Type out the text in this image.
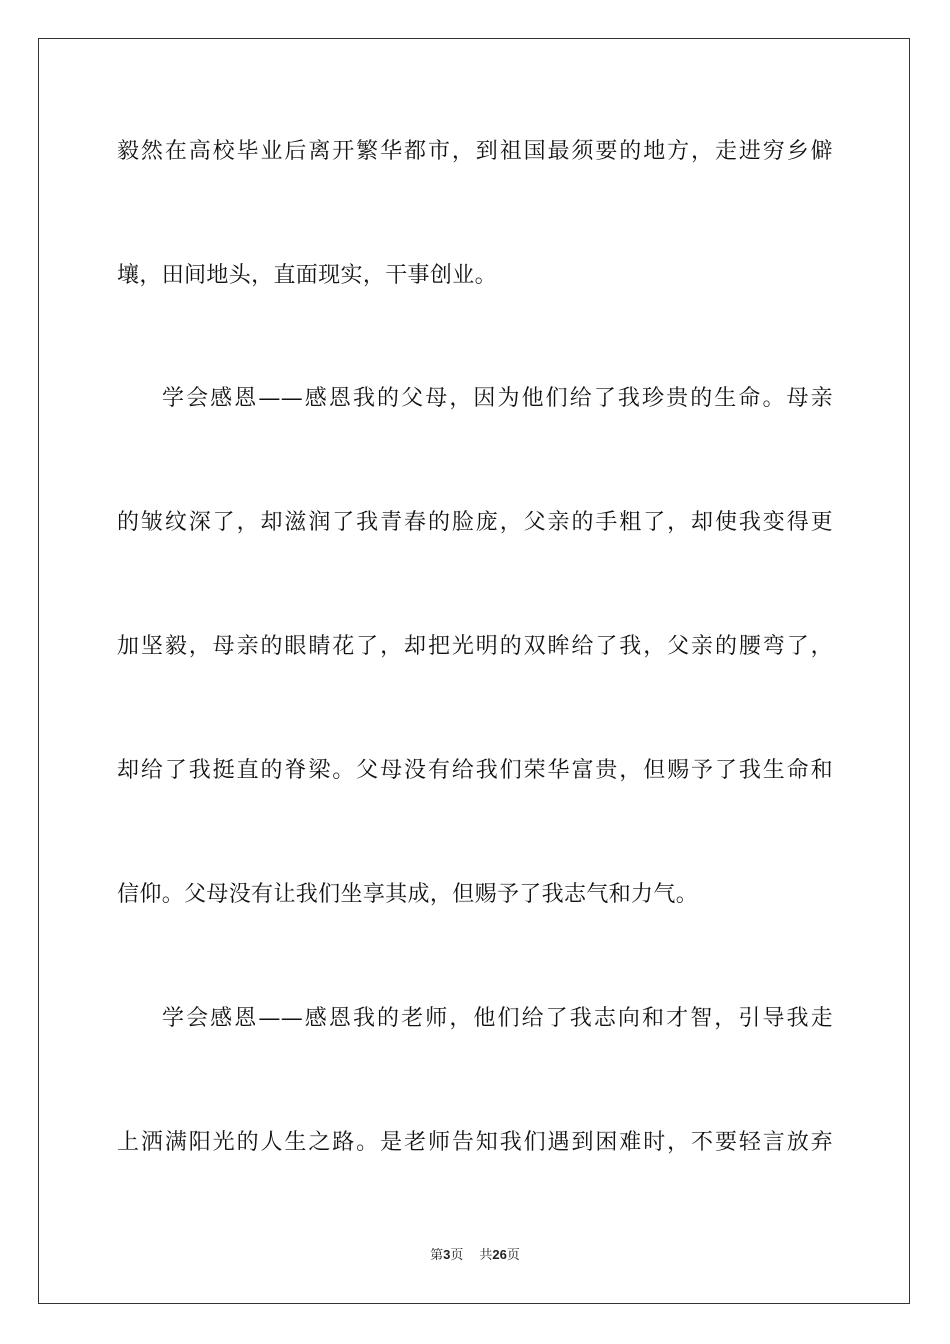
毅然在高校毕业后离开繁华都市，到祖国最须要的地方，走进穷乡僻
壤，田间地头，直面现实，干事创业。
学会感恩——感恩我的父母，因为他们给了我珍贵的生命。母亲
的皱纹深了，却滋润了我青春的脸庞，父亲的手粗了，却使我变得更
加坚毅，母亲的眼睛花了，却把光明的双眸给了我，父亲的腰弯了，
却给了我挺直的脊梁。父母没有给我们荣华富贵，但赐予了我生命和
信仰。父母没有让我们坐享其成，但赐予了我志气和力气。
学会感恩——感恩我的老师，他们给了我志向和才智，引导我走
上洒满阳光的人生之路。是老师告知我们遇到困难时，不要轻言放弃
第3页 共26页
